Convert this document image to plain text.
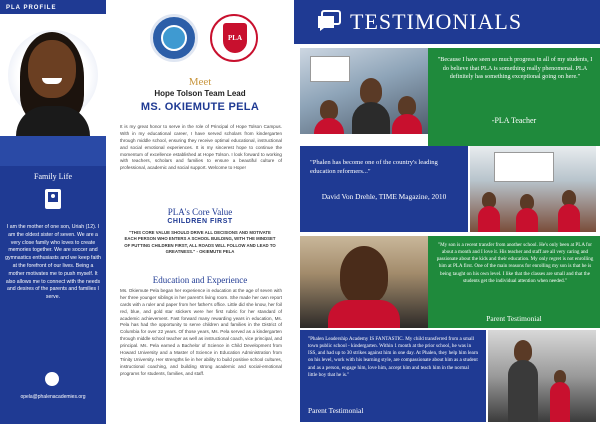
PLA PROFILE
Family Life
I am the mother of one son, Uriah (12). I am the oldest sister of seven. We are a very close family who loves to create memories together. We are soccer and gymnastics enthusiasts and we keep faith at the forefront of our lives. Being a mother motivates me to push myself. It also allows me to connect with the needs and desires of the parents and families I serve.
opela@phalenacademies.org
PLA
Meet
Hope Tolson Team Lead
MS. OKIEMUTE PELA
It is my great honor to serve in the role of Principal of Hope Tolson Campus. With in my educational career, I have served scholars from kindergarten through middle school, ensuring they receive optimal educational, instructional and social emotional experiences. It is my sincerest hope to continue the momentum of excellence established at Hope Tolson. I look forward to working with teachers, scholars and families to ensure a beautiful culture of professional, academic and social support. Welcome to Hope!
PLA's Core Value
CHILDREN FIRST
"THIS CORE VALUE SHOULD DRIVE ALL DECISIONS AND MOTIVATE EACH PERSON WHO ENTERS A SCHOOL BUILDING, WITH THE MINDSET OF PUTTING CHILDREN FIRST, ALL ROADS WILL FOLLOW AND LEAD TO GREATNESS." - OKIEMUTE PELA
Education and Experience
Ms. Okiemute Pela began her experience in education at the age of seven with her three younger siblings in her parent's living room. She made her own report cards with a ruler and paper from her father's office. Little did she know, her foil red, blue, and gold star stickers were her first rubric for her standard of academic achievement. Fast forward many rewarding years in education, Ms. Pela has had the opportunity to serve children and families in the District of Columbia for over 22 years. Of those years, Ms. Pela served as a kindergarten through middle school teacher as well as instructional coach, vice principal, and principal. Ms. Pela earned a Bachelor of Science in Child Development from Howard University and a Master of Science in Education Administration from Trinity University. Her strengths lie in her ability to build positive school cultures, instructional coaching, and building strong academic and social-emotional programs for students, families, and staff.
TESTIMONIALS
"Because I have seen so much progress in all of my students, I do believe that PLA is something really phenomenal. PLA definitely has something exceptional going on here."
-PLA Teacher
"Phalen has become one of the country's leading education reformers..."
David Von Drehle, TIME Magazine, 2010
"My son is a recent transfer from another school. He's only been at PLA for about a month and I love it. His teacher and staff are all very caring and passionate about the kids and their education. My only regret is not enrolling him at PLA first. One of the main reasons for enrolling my son is that he is being taught on his own level. I like that the classes are small and that the students get the individual attention when needed."
Parent Testimonial
"Phalen Leadership Academy IS FANTASTIC. My child transferred from a small town public school - kindergarten. Within 1 month at the prior school, he was in ISS, and had up to 30 strikes against him in one day. At Phalen, they help him learn on his level, work with his learning style, are compassionate about him as a student and as a person, engage him, love him, accept him and teach him in the normal little boy that he is."
Parent Testimonial
